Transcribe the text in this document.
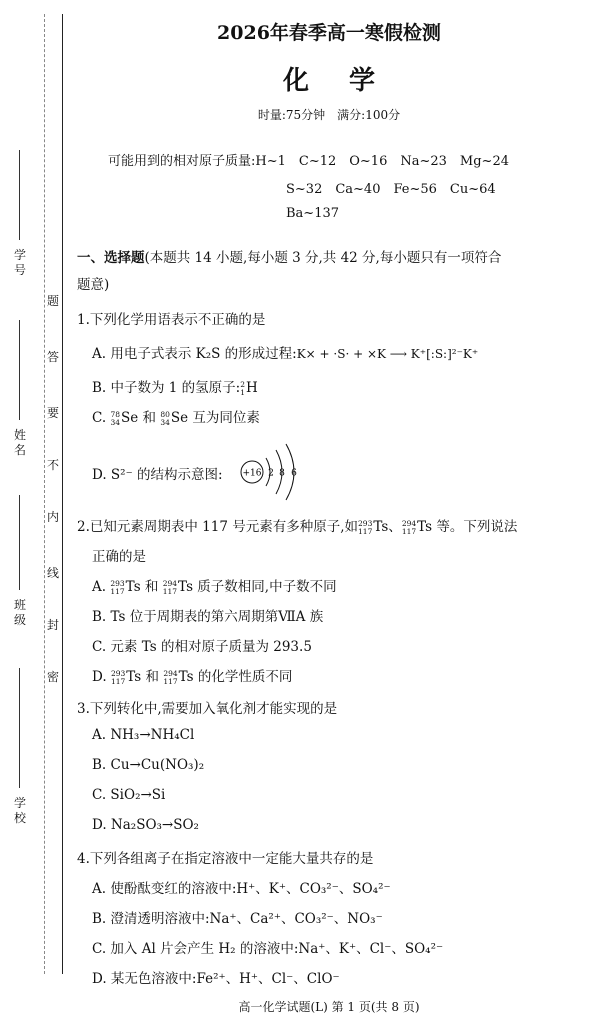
学 号
姓 名
班 级
学 校
题
答
要
不
内
线
封
密
2026年春季高一寒假检测
化学
时量:75分钟　满分:100分
可能用到的相对原子质量:H~1　C~12　O~16　Na~23　Mg~24
S~32　Ca~40　Fe~56　Cu~64
Ba~137
一、选择题(本题共 14 小题,每小题 3 分,共 42 分,每小题只有一项符合
题意)
1.下列化学用语表示不正确的是
A. 用电子式表示 K₂S 的形成过程:K× + ·S· + ×K ⟶ K⁺[:S:]²⁻K⁺
B. 中子数为 1 的氢原子:2
1H
C. 78
34Se 和 80
34Se 互为同位素
D. S²⁻ 的结构示意图: +16 2 8 6
2.已知元素周期表中 117 号元素有多种原子,如293
117Ts、294
117Ts 等。下列说法
正确的是
A. 293
117Ts 和 294
117Ts 质子数相同,中子数不同
B. Ts 位于周期表的第六周期第ⅦA 族
C. 元素 Ts 的相对原子质量为 293.5
D. 293
117Ts 和 294
117Ts 的化学性质不同
3.下列转化中,需要加入氧化剂才能实现的是
A. NH₃→NH₄Cl
B. Cu→Cu(NO₃)₂
C. SiO₂→Si
D. Na₂SO₃→SO₂
4.下列各组离子在指定溶液中一定能大量共存的是
A. 使酚酞变红的溶液中:H⁺、K⁺、CO₃²⁻、SO₄²⁻
B. 澄清透明溶液中:Na⁺、Ca²⁺、CO₃²⁻、NO₃⁻
C. 加入 Al 片会产生 H₂ 的溶液中:Na⁺、K⁺、Cl⁻、SO₄²⁻
D. 某无色溶液中:Fe²⁺、H⁺、Cl⁻、ClO⁻
高一化学试题(L) 第 1 页(共 8 页)
